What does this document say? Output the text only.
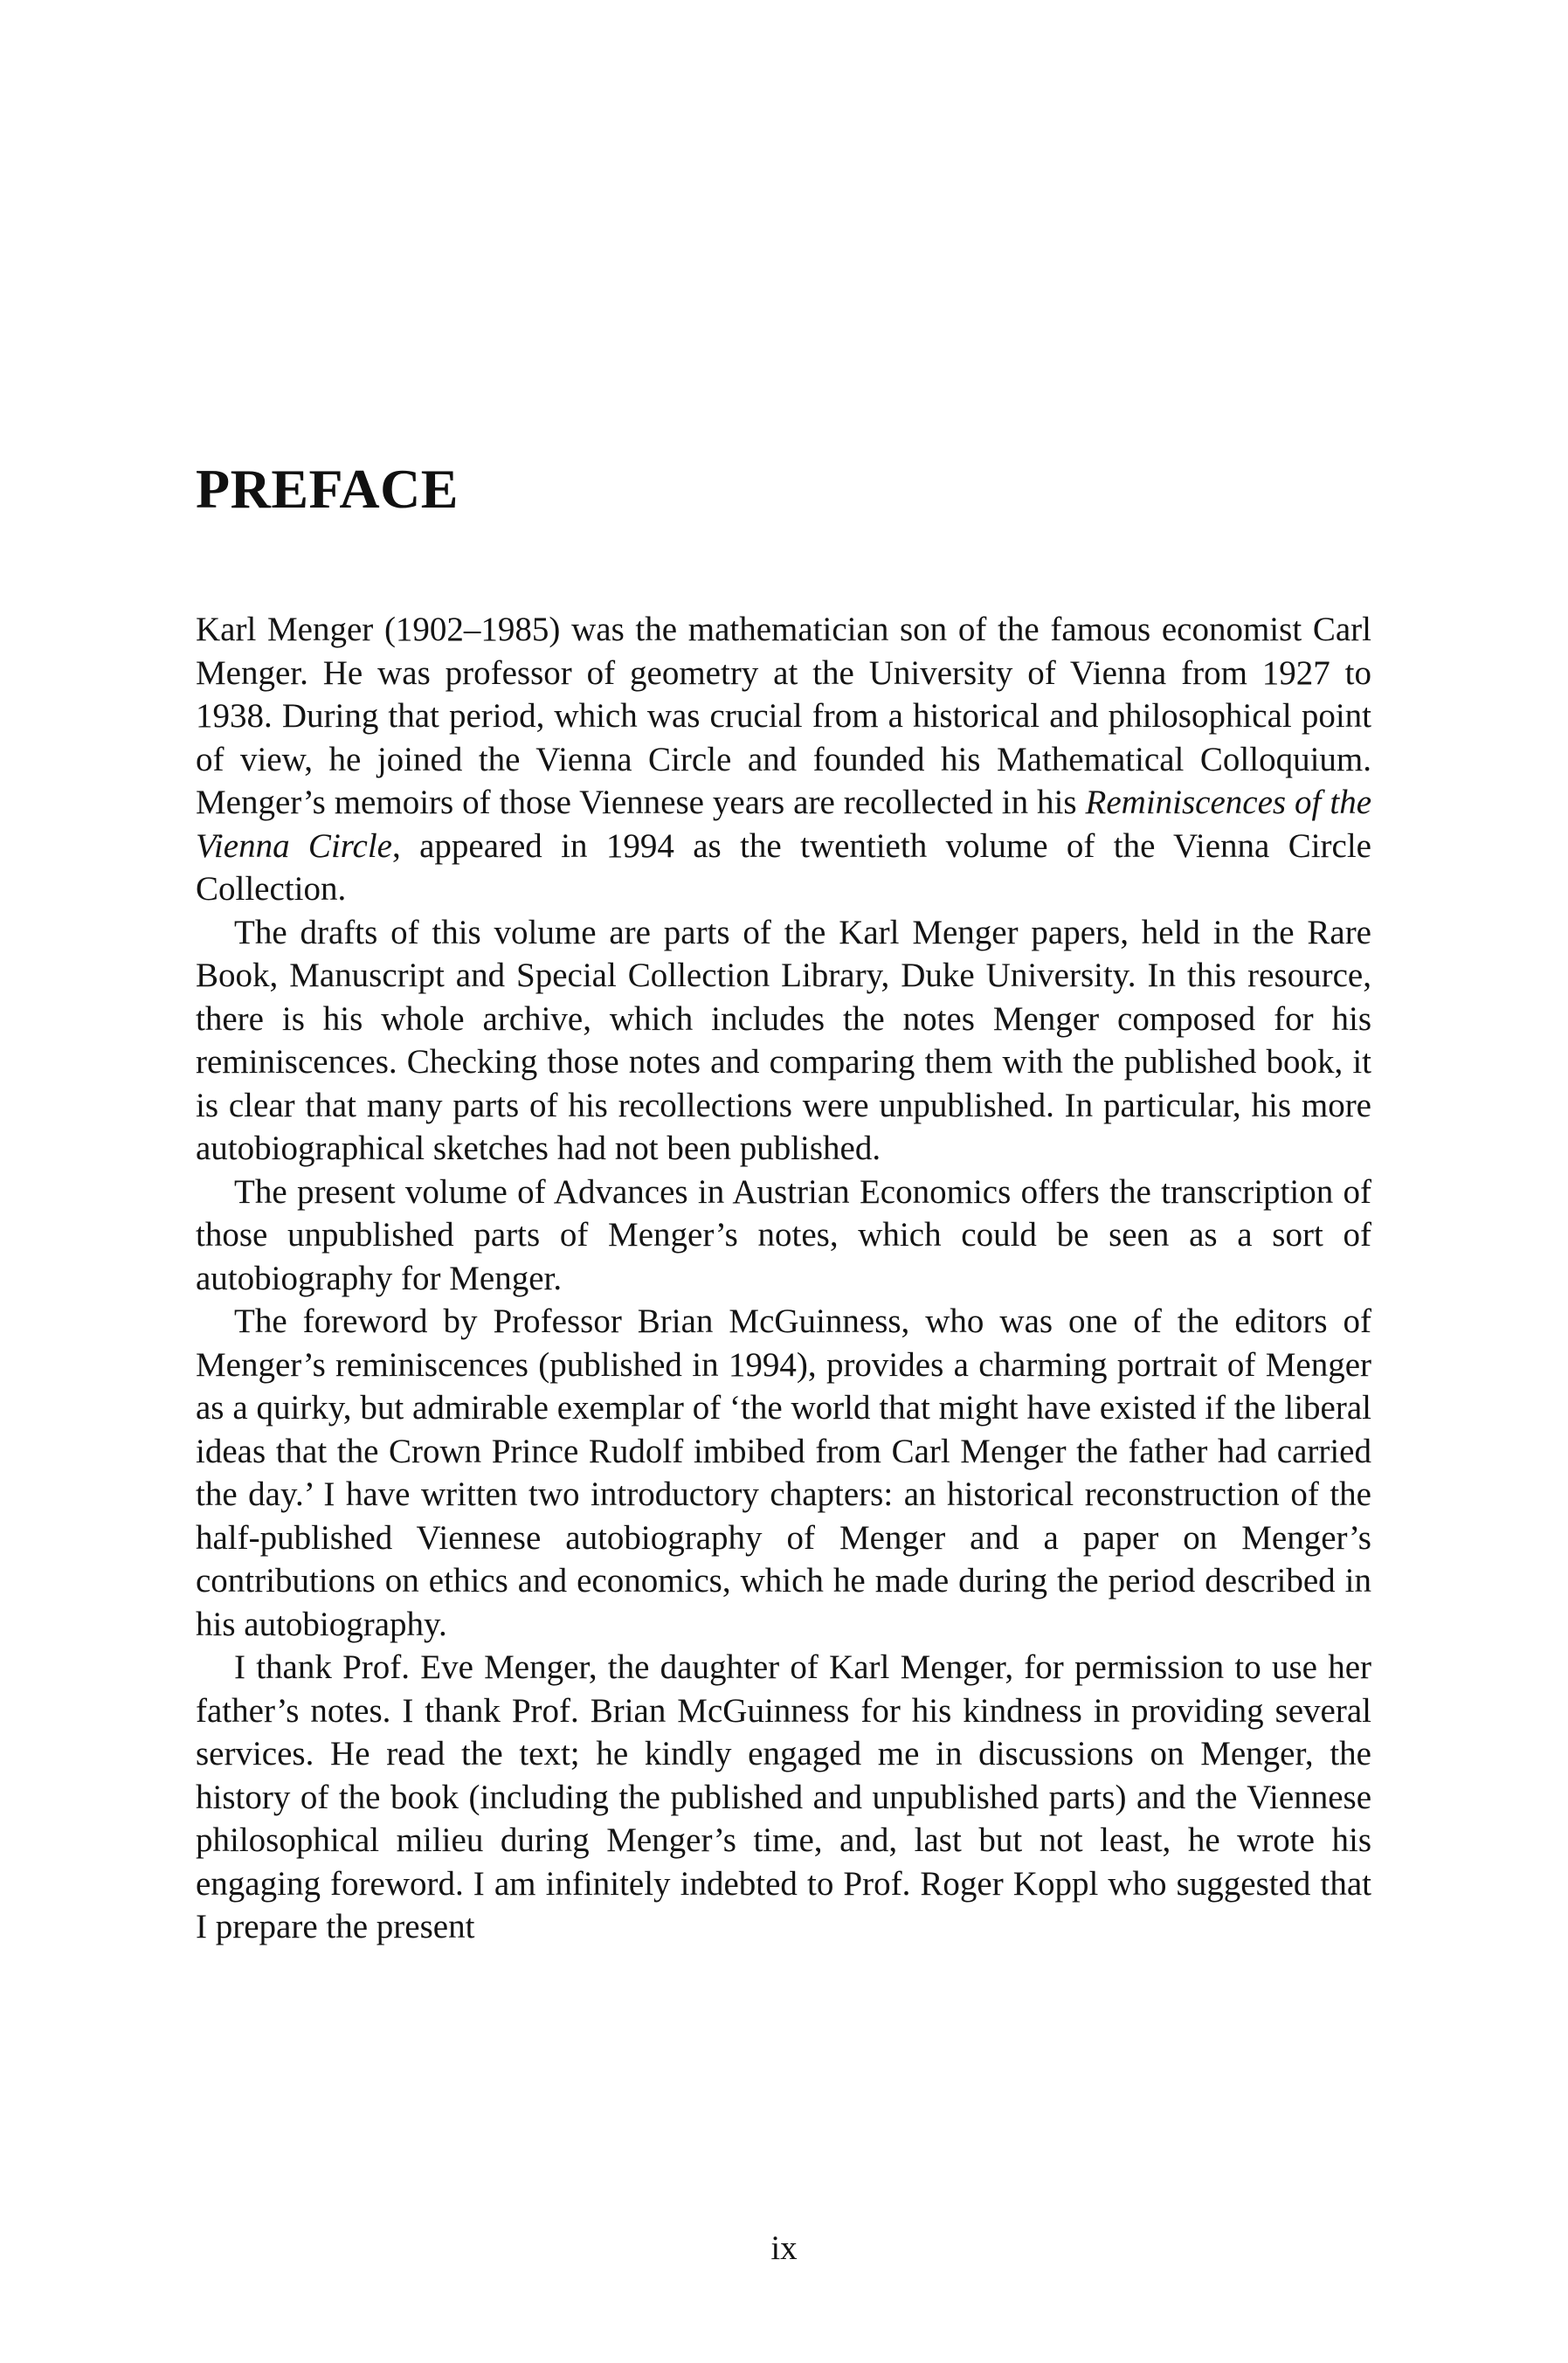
PREFACE

Karl Menger (1902–1985) was the mathematician son of the famous economist Carl Menger. He was professor of geometry at the University of Vienna from 1927 to 1938. During that period, which was crucial from a historical and philosophical point of view, he joined the Vienna Circle and founded his Mathematical Colloquium. Menger’s memoirs of those Viennese years are recollected in his Reminiscences of the Vienna Circle, appeared in 1994 as the twentieth volume of the Vienna Circle Collection.

The drafts of this volume are parts of the Karl Menger papers, held in the Rare Book, Manuscript and Special Collection Library, Duke University. In this resource, there is his whole archive, which includes the notes Menger composed for his reminiscences. Checking those notes and comparing them with the published book, it is clear that many parts of his recollections were unpublished. In particular, his more autobiographical sketches had not been published.

The present volume of Advances in Austrian Economics offers the transcription of those unpublished parts of Menger’s notes, which could be seen as a sort of autobiography for Menger.

The foreword by Professor Brian McGuinness, who was one of the editors of Menger’s reminiscences (published in 1994), provides a charming portrait of Menger as a quirky, but admirable exemplar of ‘the world that might have existed if the liberal ideas that the Crown Prince Rudolf imbibed from Carl Menger the father had carried the day.’ I have written two introductory chapters: an historical reconstruction of the half-published Viennese autobiography of Menger and a paper on Menger’s contributions on ethics and economics, which he made during the period described in his autobiography.

I thank Prof. Eve Menger, the daughter of Karl Menger, for permission to use her father’s notes. I thank Prof. Brian McGuinness for his kindness in providing several services. He read the text; he kindly engaged me in discussions on Menger, the history of the book (including the published and unpublished parts) and the Viennese philosophical milieu during Menger’s time, and, last but not least, he wrote his engaging foreword. I am infinitely indebted to Prof. Roger Koppl who suggested that I prepare the present

ix
